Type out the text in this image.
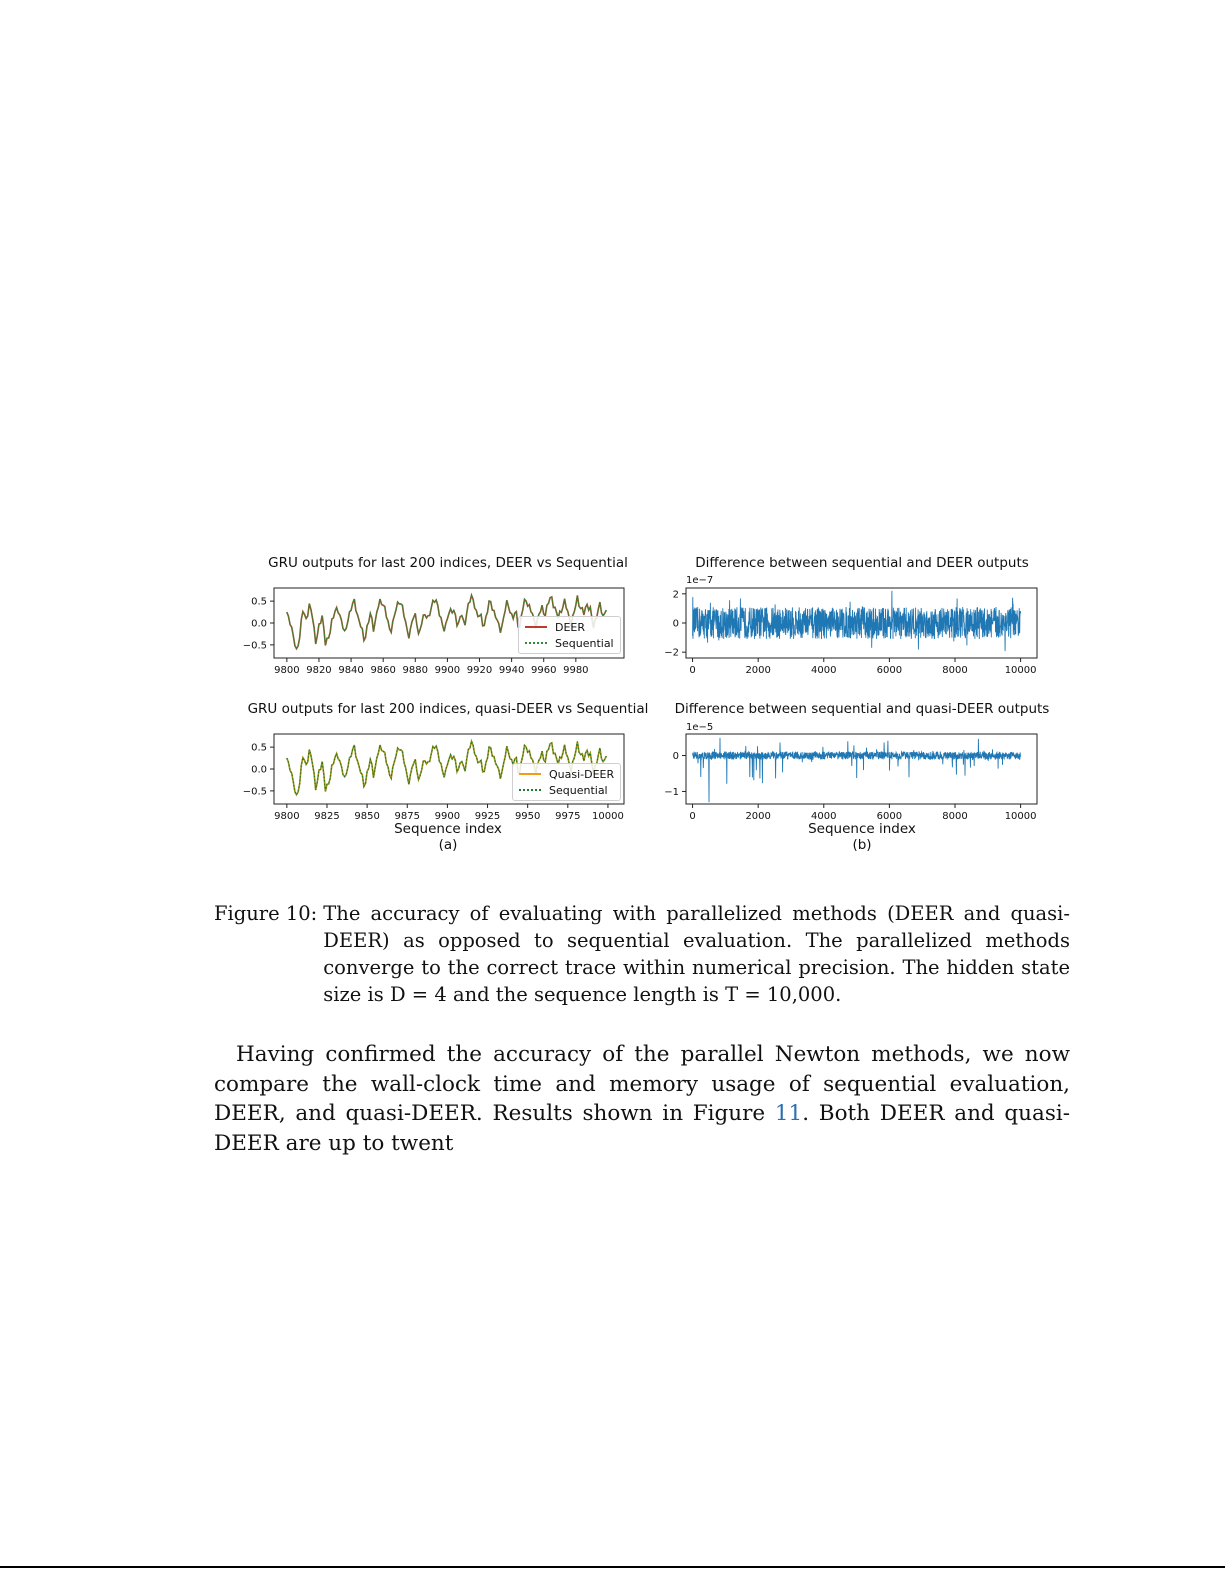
GRU outputs for last 200 indices, DEER vs Sequential	Difference between sequential and DEER outputs
GRU outputs for last 200 indices, quasi-DEER vs Sequential Difference between sequential and quasi-DEER outputs
1e−7
1e−5
9800 9820 9840 9860 9880 9900 9920 9940 9960 9980
0.5
0.0
−0.5
9800 9825 9850 9875 9900 9925 9950 9975 10000
0.5
0.0
−0.5
0	2000	4000	6000	8000	10000
2
0
−2
0	2000	4000	6000	8000	10000
0
−1
DEER
Sequential
Quasi-DEER
Sequential
Sequence index	Sequence index
(a)	(b)
Figure 10: The accuracy of evaluating with parallelized methods (DEER and quasi-DEER) as opposed to sequential evaluation. The parallelized methods converge to the correct trace within numerical precision. The hidden state size is D = 4 and the sequence length is T = 10,000.
Having confirmed the accuracy of the parallel Newton methods, we now compare the wall-clock time and memory usage of sequential evaluation, DEER, and quasi-DEER. Results shown in Figure 11. Both DEER and quasi-DEER are up to twent
